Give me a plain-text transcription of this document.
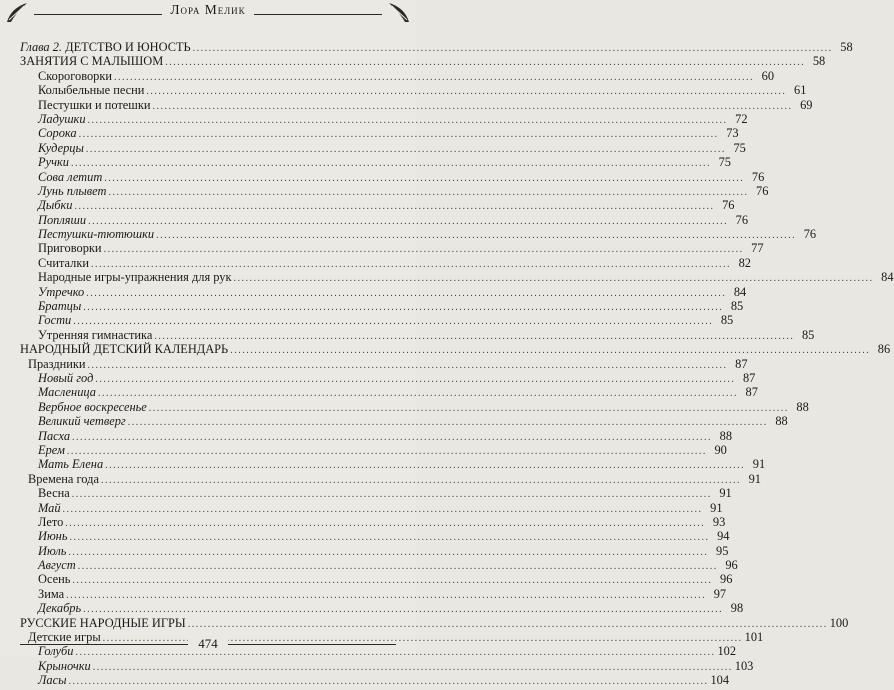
Лора Мелик
Глава 2. ДЕТСТВО И ЮНОСТЬ .....	58
ЗАНЯТИЯ С МАЛЫШОМ .....	58
Скороговорки .....	60
Колыбельные песни .....	61
Пестушки и потешки .....	69
Ладушки .....	72
Сорока .....	73
Кудерцы .....	75
Ручки .....	75
Сова летит .....	76
Лунь плывет .....	76
Дыбки .....	76
Попляши .....	76
Пестушки-тютюшки .....	76
Приговорки .....	77
Считалки .....	82
Народные игры-упражнения для рук .....	84
Утречко .....	84
Братцы .....	85
Гости .....	85
Утренняя гимнастика .....	85
НАРОДНЫЙ ДЕТСКИЙ КАЛЕНДАРЬ .....	86
Праздники .....	87
Новый год .....	87
Масленица .....	87
Вербное воскресенье .....	88
Великий четверг .....	88
Пасха .....	88
Ерем .....	90
Мать Елена .....	91
Времена года .....	91
Весна .....	91
Май .....	91
Лето .....	93
Июнь .....	94
Июль .....	95
Август .....	96
Осень .....	96
Зима .....	97
Декабрь .....	98
РУССКИЕ НАРОДНЫЕ ИГРЫ .....	100
Детские игры .....	101
Голуби .....	102
Крыночки .....	103
Ласы .....	104
474
